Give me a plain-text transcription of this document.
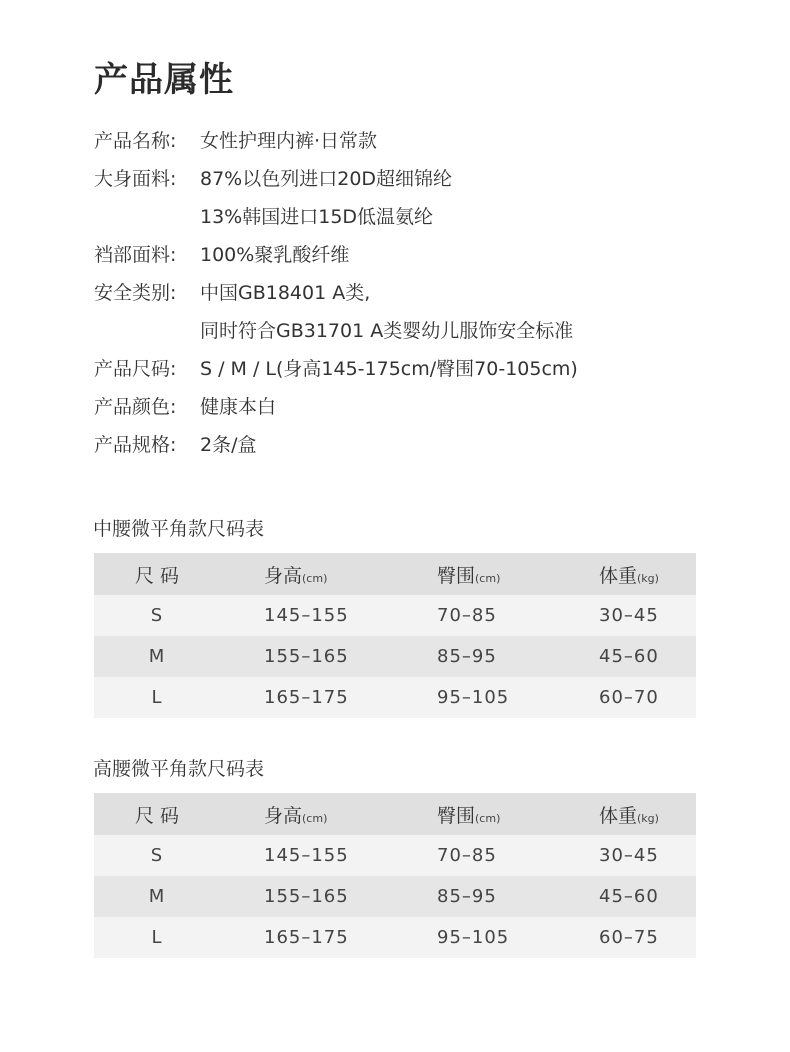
产品属性
产品名称:	女性护理内裤·日常款
大身面料:	87%以色列进口20D超细锦纶
13%韩国进口15D低温氨纶
裆部面料:	100%聚乳酸纤维
安全类别:	中国GB18401 A类,
同时符合GB31701 A类婴幼儿服饰安全标准
产品尺码:	S / M / L(身高145-175cm/臀围70-105cm)
产品颜色:	健康本白
产品规格:	2条/盒
中腰微平角款尺码表
尺 码	身高(cm)	臀围(cm)	体重(kg)
S	145–155	70–85	30–45
M	155–165	85–95	45–60
L	165–175	95–105	60–70
高腰微平角款尺码表
尺 码	身高(cm)	臀围(cm)	体重(kg)
S	145–155	70–85	30–45
M	155–165	85–95	45–60
L	165–175	95–105	60–75
